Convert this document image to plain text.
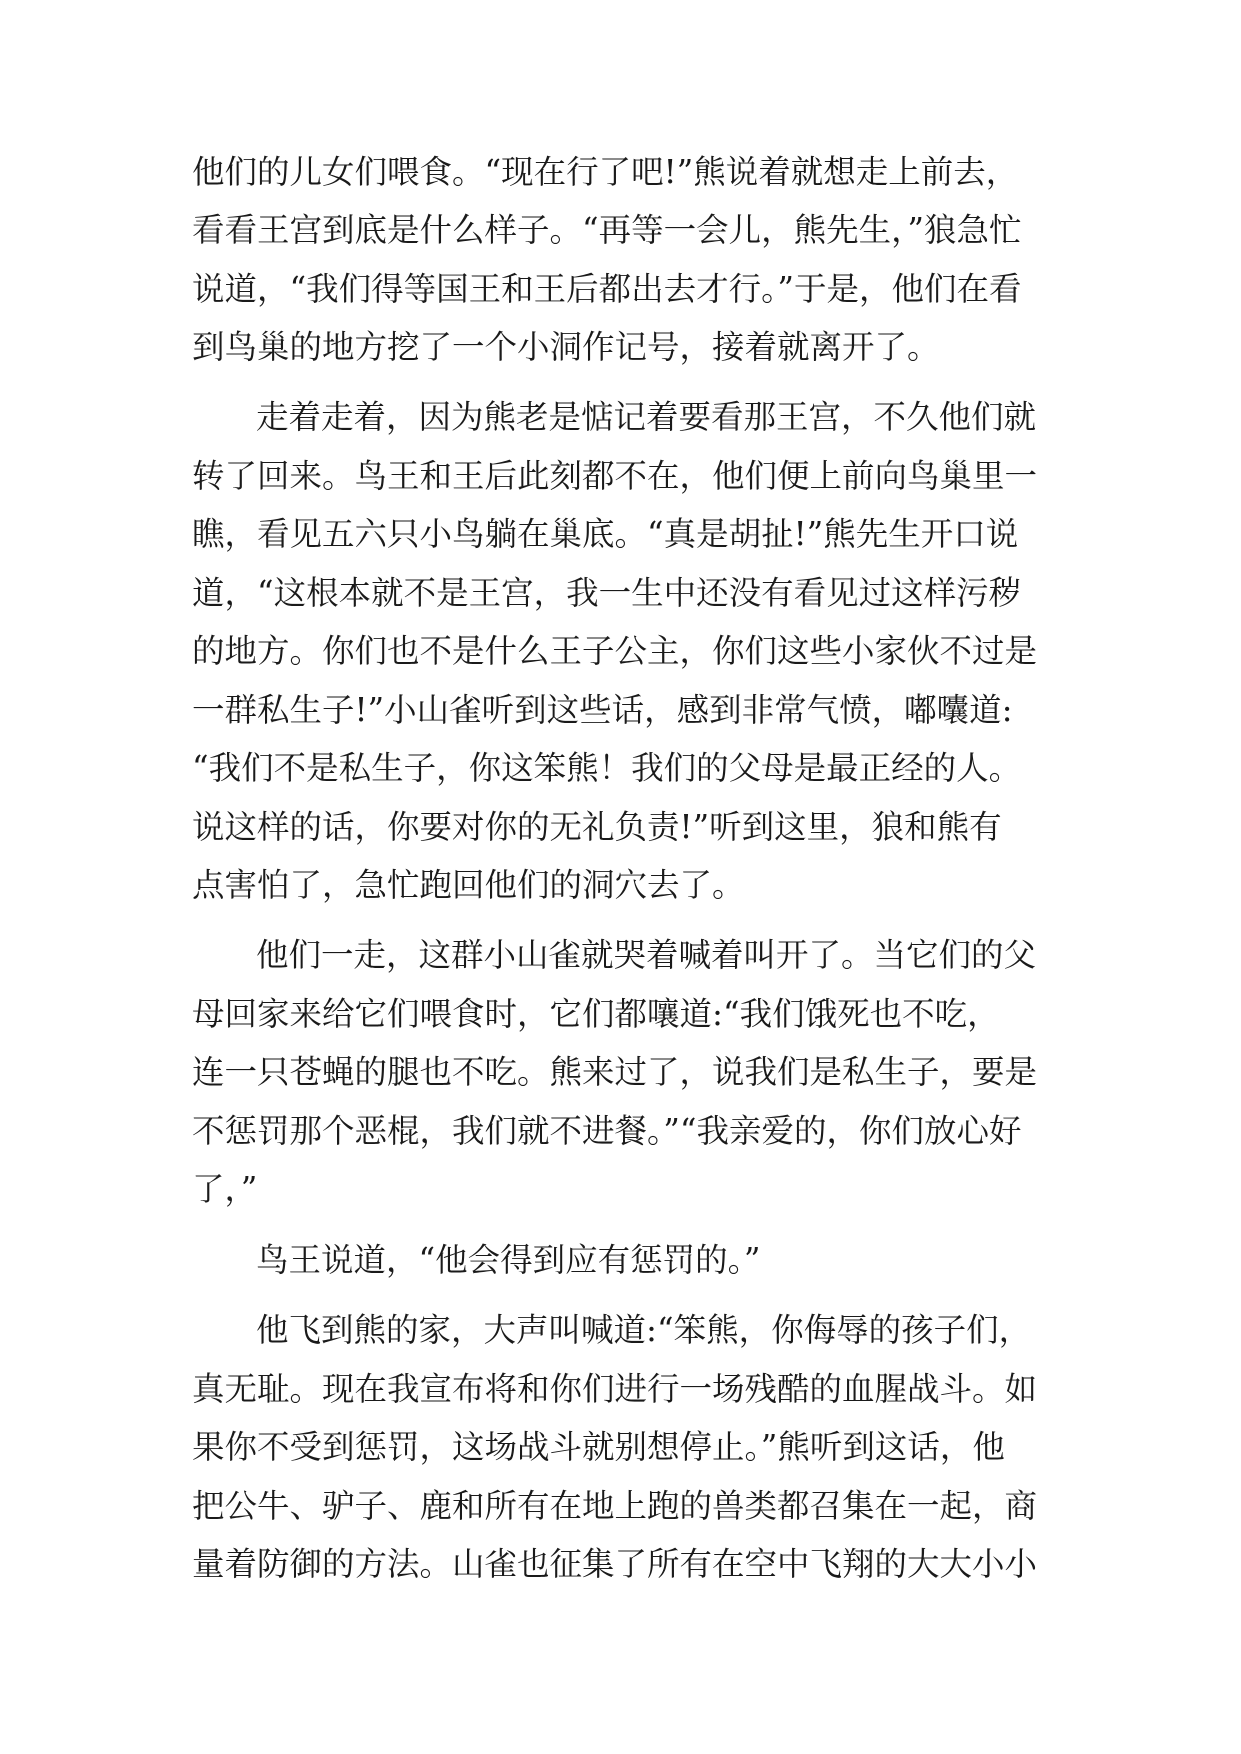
他们的儿女们喂食。“现在行了吧!”熊说着就想走上前去，
看看王宫到底是什么样子。“再等一会儿，熊先生，”狼急忙
说道，“我们得等国王和王后都出去才行。”于是，他们在看
到鸟巢的地方挖了一个小洞作记号，接着就离开了。
走着走着，因为熊老是惦记着要看那王宫，不久他们就
转了回来。鸟王和王后此刻都不在，他们便上前向鸟巢里一
瞧，看见五六只小鸟躺在巢底。“真是胡扯!”熊先生开口说
道，“这根本就不是王宫，我一生中还没有看见过这样污秽
的地方。你们也不是什么王子公主，你们这些小家伙不过是
一群私生子!”小山雀听到这些话，感到非常气愤，嘟囔道:
“我们不是私生子，你这笨熊！我们的父母是最正经的人。
说这样的话，你要对你的无礼负责!”听到这里，狼和熊有
点害怕了，急忙跑回他们的洞穴去了。
他们一走，这群小山雀就哭着喊着叫开了。当它们的父
母回家来给它们喂食时，它们都嚷道:“我们饿死也不吃，
连一只苍蝇的腿也不吃。熊来过了，说我们是私生子，要是
不惩罚那个恶棍，我们就不进餐。”“我亲爱的，你们放心好
了，”
鸟王说道，“他会得到应有惩罚的。”
他飞到熊的家，大声叫喊道:“笨熊，你侮辱的孩子们，
真无耻。现在我宣布将和你们进行一场残酷的血腥战斗。如
果你不受到惩罚，这场战斗就别想停止。”熊听到这话，他
把公牛、驴子、鹿和所有在地上跑的兽类都召集在一起，商
量着防御的方法。山雀也征集了所有在空中飞翔的大大小小
